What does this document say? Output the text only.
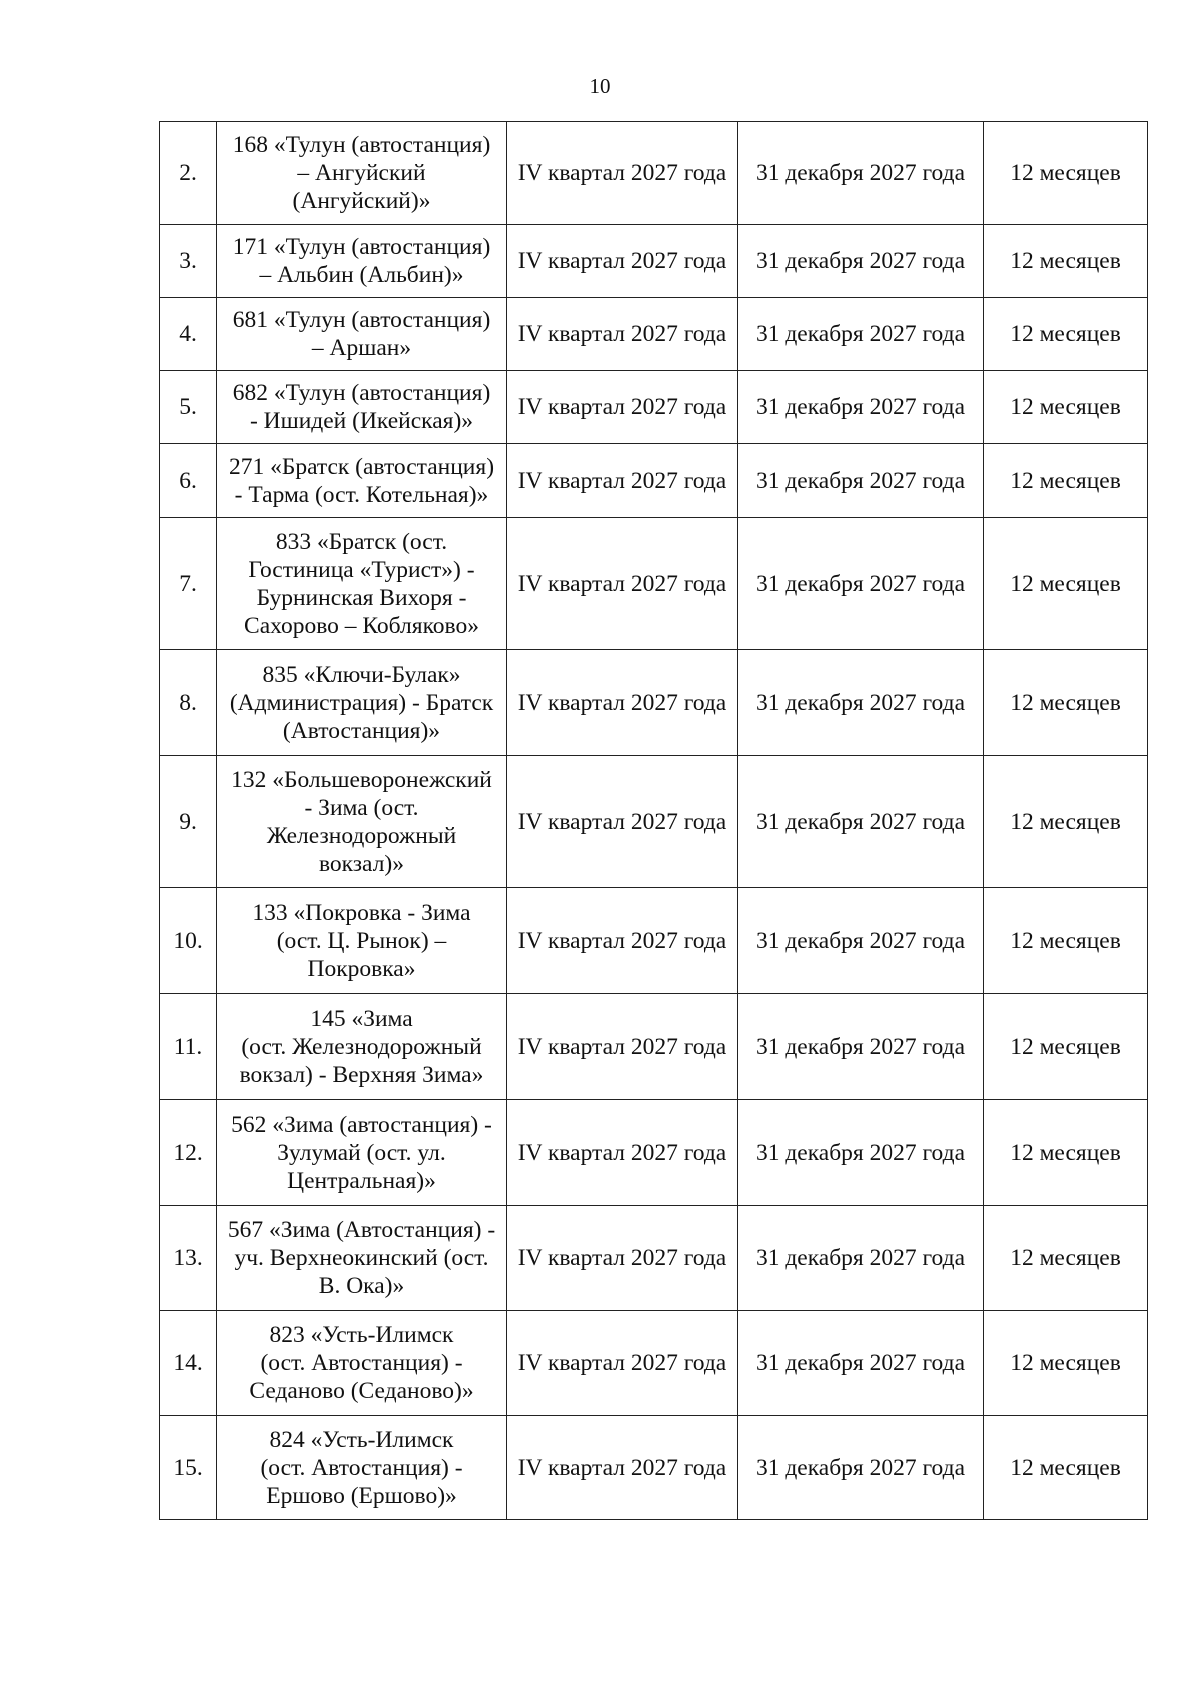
10
2.	168 «Тулун (автостанция)
– Ангуйский
(Ангуйский)»	IV квартал 2027 года	31 декабря 2027 года	12 месяцев
3.	171 «Тулун (автостанция)
– Альбин (Альбин)»	IV квартал 2027 года	31 декабря 2027 года	12 месяцев
4.	681 «Тулун (автостанция)
– Аршан»	IV квартал 2027 года	31 декабря 2027 года	12 месяцев
5.	682 «Тулун (автостанция)
- Ишидей (Икейская)»	IV квартал 2027 года	31 декабря 2027 года	12 месяцев
6.	271 «Братск (автостанция)
- Тарма (ост. Котельная)»	IV квартал 2027 года	31 декабря 2027 года	12 месяцев
7.	833 «Братск (ост.
Гостиница «Турист») -
Бурнинская Вихоря -
Сахорово – Кобляково»	IV квартал 2027 года	31 декабря 2027 года	12 месяцев
8.	835 «Ключи-Булак»
(Администрация) - Братск
(Автостанция)»	IV квартал 2027 года	31 декабря 2027 года	12 месяцев
9.	132 «Большеворонежский
- Зима (ост.
Железнодорожный
вокзал)»	IV квартал 2027 года	31 декабря 2027 года	12 месяцев
10.	133 «Покровка - Зима
(ост. Ц. Рынок) –
Покровка»	IV квартал 2027 года	31 декабря 2027 года	12 месяцев
11.	145 «Зима
(ост. Железнодорожный
вокзал) - Верхняя Зима»	IV квартал 2027 года	31 декабря 2027 года	12 месяцев
12.	562 «Зима (автостанция) -
Зулумай (ост. ул.
Центральная)»	IV квартал 2027 года	31 декабря 2027 года	12 месяцев
13.	567 «Зима (Автостанция) -
уч. Верхнеокинский (ост.
В. Ока)»	IV квартал 2027 года	31 декабря 2027 года	12 месяцев
14.	823 «Усть-Илимск
(ост. Автостанция) -
Седаново (Седаново)»	IV квартал 2027 года	31 декабря 2027 года	12 месяцев
15.	824 «Усть-Илимск
(ост. Автостанция) -
Ершово (Ершово)»	IV квартал 2027 года	31 декабря 2027 года	12 месяцев
